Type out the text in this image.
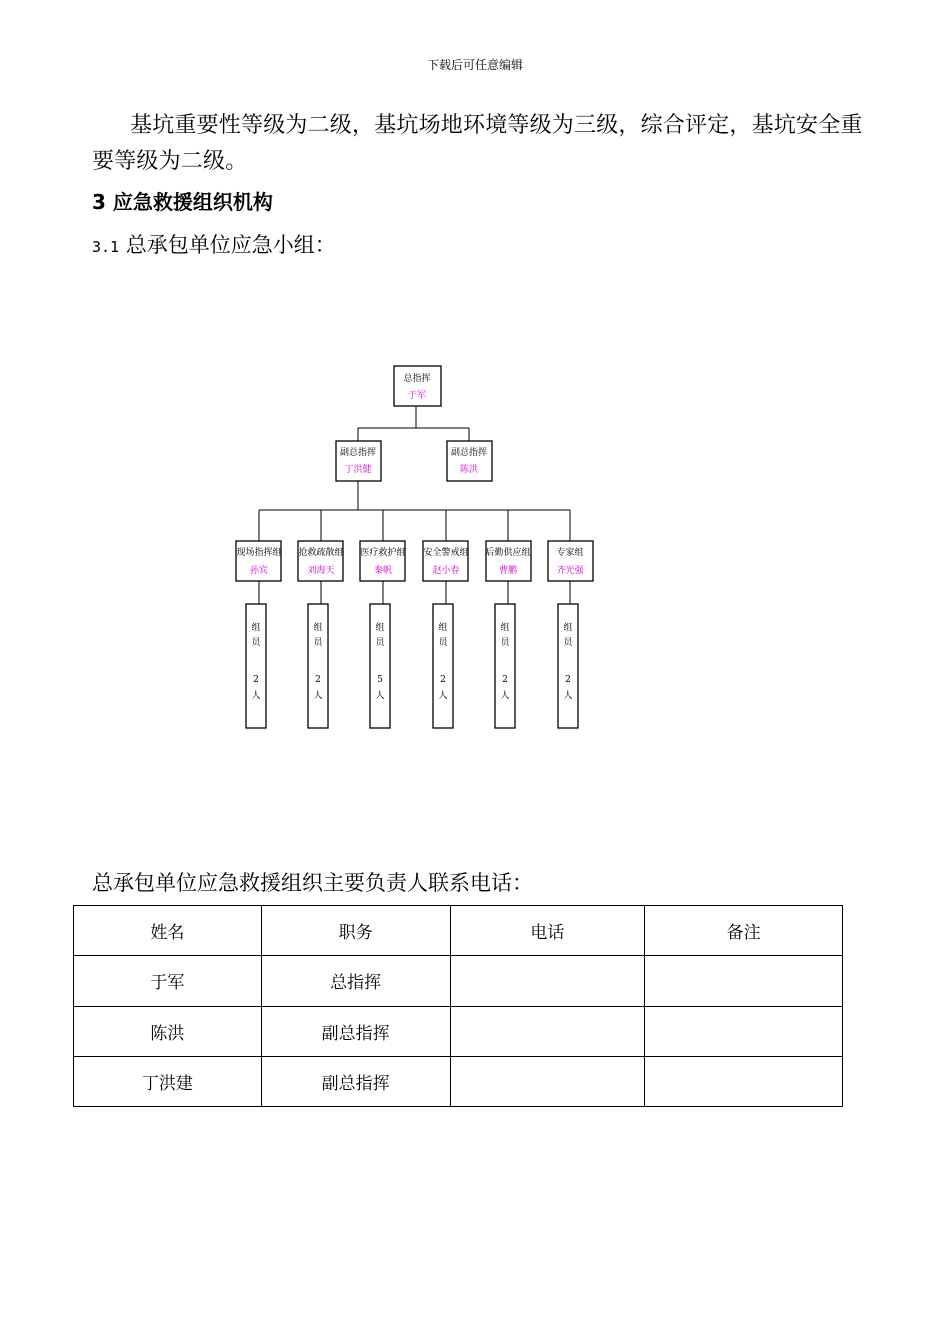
下载后可任意编辑
基坑重要性等级为二级，基坑场地环境等级为三级，综合评定，基坑安全重要等级为二级。
3 应急救援组织机构
3.1 总承包单位应急小组：
总指挥
于军
副总指挥
丁洪健
副总指挥
陈洪
现场指挥组
孙宾
抢救疏散组
刘海天
医疗救护组
秦帆
安全警戒组
赵小春
后勤供应组
曹鹏
专家组
齐光强
组
员
2
人
组
员
2
人
组
员
5
人
组
员
2
人
组
员
2
人
组
员
2
人
总承包单位应急救援组织主要负责人联系电话：
姓名	职务	电话	备注
于军	总指挥		
陈洪	副总指挥		
丁洪建	副总指挥		
